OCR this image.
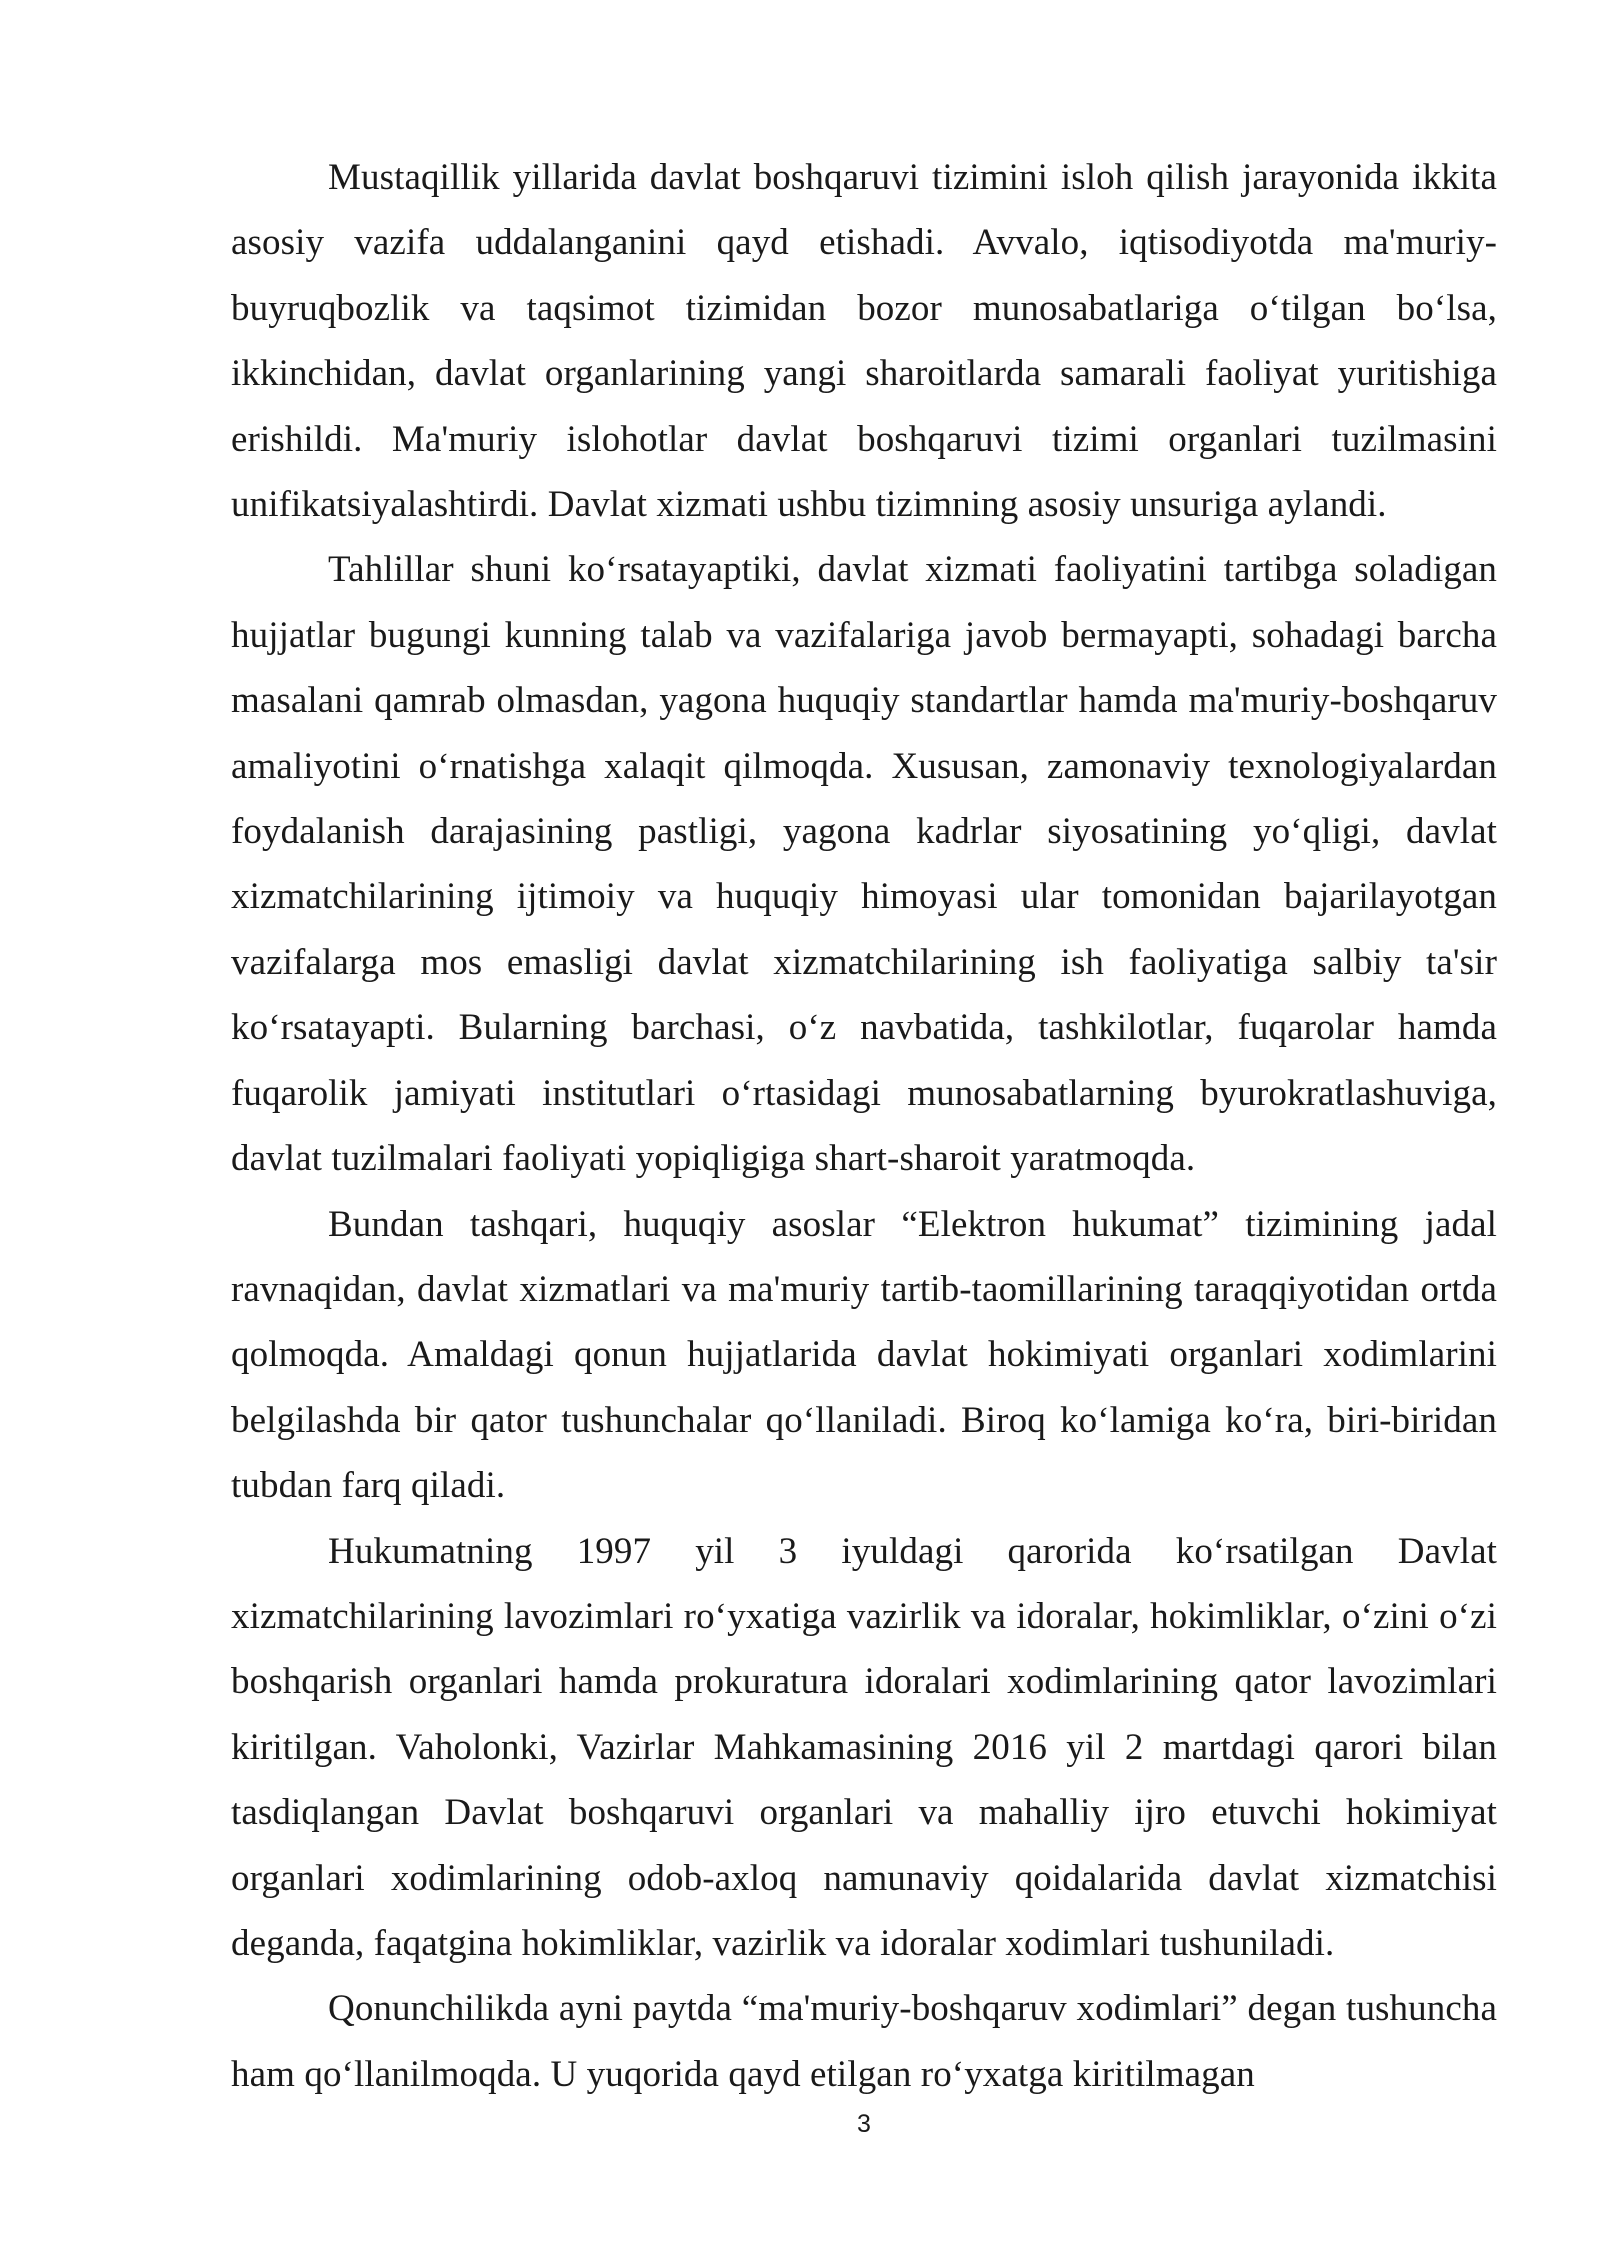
Mustaqillik yillarida davlat boshqaruvi tizimini isloh qilish jarayonida ikkita asosiy vazifa uddalanganini qayd etishadi. Avvalo, iqtisodiyotda ma'muriy-buyruqbozlik va taqsimot tizimidan bozor munosabatlariga o‘tilgan bo‘lsa, ikkinchidan, davlat organlarining yangi sharoitlarda samarali faoliyat yuritishiga erishildi. Ma'muriy islohotlar davlat boshqaruvi tizimi organlari tuzilmasini unifikatsiyalashtirdi. Davlat xizmati ushbu tizimning asosiy unsuriga aylandi.

Tahlillar shuni ko‘rsatayaptiki, davlat xizmati faoliyatini tartibga soladigan hujjatlar bugungi kunning talab va vazifalariga javob bermayapti, sohadagi barcha masalani qamrab olmasdan, yagona huquqiy standartlar hamda ma'muriy-boshqaruv amaliyotini o‘rnatishga xalaqit qilmoqda. Xususan, zamonaviy texnologiyalardan foydalanish darajasining pastligi, yagona kadrlar siyosatining yo‘qligi, davlat xizmatchilarining ijtimoiy va huquqiy himoyasi ular tomonidan bajarilayotgan vazifalarga mos emasligi davlat xizmatchilarining ish faoliyatiga salbiy ta'sir ko‘rsatayapti. Bularning barchasi, o‘z navbatida, tashkilotlar, fuqarolar hamda fuqarolik jamiyati institutlari o‘rtasidagi munosabatlarning byurokratlashuviga, davlat tuzilmalari faoliyati yopiqligiga shart-sharoit yaratmoqda.

Bundan tashqari, huquqiy asoslar “Elektron hukumat” tizimining jadal ravnaqidan, davlat xizmatlari va ma'muriy tartib-taomillarining taraqqiyotidan ortda qolmoqda. Amaldagi qonun hujjatlarida davlat hokimiyati organlari xodimlarini belgilashda bir qator tushunchalar qo‘llaniladi. Biroq ko‘lamiga ko‘ra, biri-biridan tubdan farq qiladi.

Hukumatning 1997 yil 3 iyuldagi qarorida ko‘rsatilgan Davlat xizmatchilarining lavozimlari ro‘yxatiga vazirlik va idoralar, hokimliklar, o‘zini o‘zi boshqarish organlari hamda prokuratura idoralari xodimlarining qator lavozimlari kiritilgan. Vaholonki, Vazirlar Mahkamasining 2016 yil 2 martdagi qarori bilan tasdiqlangan Davlat boshqaruvi organlari va mahalliy ijro etuvchi hokimiyat organlari xodimlarining odob-axloq namunaviy qoidalarida davlat xizmatchisi deganda, faqatgina hokimliklar, vazirlik va idoralar xodimlari tushuniladi.

Qonunchilikda ayni paytda “ma'muriy-boshqaruv xodimlari” degan tushuncha ham qo‘llanilmoqda. U yuqorida qayd etilgan ro‘yxatga kiritilmagan

3
